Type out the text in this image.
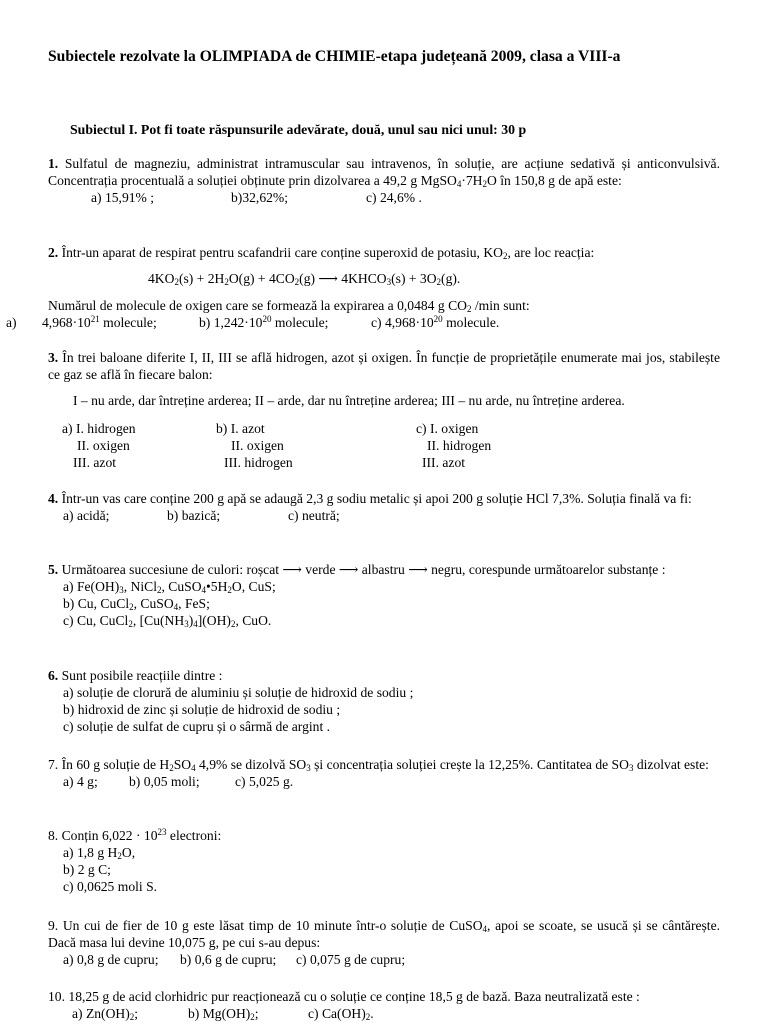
Subiectele rezolvate la OLIMPIADA de CHIMIE-etapa județeană 2009, clasa a VIII-a
Subiectul I. Pot fi toate răspunsurile adevărate, două, unul sau nici unul: 30 p
1. Sulfatul de magneziu, administrat intramuscular sau intravenos, în soluție, are acțiune sedativă și anticonvulsivă. Concentrația procentuală a soluției obținute prin dizolvarea a 49,2 g $MgSO_4\cdot 7H_2O$ în 150,8 g de apă este:
a) 15,91% ;	b)32,62%;	c) 24,6% .
2. Într-un aparat de respirat pentru scafandrii care conține superoxid de potasiu, $KO_2$, are loc reacția:
$4KO_2(s) + 2H_2O(g) + 4CO_2(g)$ ⟶ $4KHCO_3(s) + 3O_2(g)$.
Numărul de molecule de oxigen care se formează la expirarea a 0,0484 g $CO_2$ /min sunt:
a) $4,968\cdot 10^{21}$ molecule;	b) $1,242\cdot 10^{20}$ molecule;	c) $4,968\cdot 10^{20}$ molecule.
3. În trei baloane diferite I, II, III se află hidrogen, azot și oxigen. În funcție de proprietățile enumerate mai jos, stabilește ce gaz se află în fiecare balon:
I – nu arde, dar întreține arderea; II – arde, dar nu întreține arderea; III – nu arde, nu întreține arderea.
a) I. hidrogen
II. oxigen
III. azot
b) I. azot
II. oxigen
III. hidrogen
c) I. oxigen
II. hidrogen
III. azot
4. Într-un vas care conține 200 g apă se adaugă 2,3 g sodiu metalic și apoi 200 g soluție HCl 7,3%. Soluția finală va fi:
a) acidă;	b) bazică;	c) neutră;
5. Următoarea succesiune de culori: roșcat ⟶ verde ⟶ albastru ⟶ negru, corespunde următoarelor substanțe :
a) $Fe(OH)_3$, NiCl$_2$, $CuSO_4•5H_2O$, CuS;
b) Cu, CuCl$_2$, CuSO$_4$, FeS;
c) Cu, CuCl$_2$, $[Cu(NH_3)_4](OH)_2$, CuO.
6. Sunt posibile reacțiile dintre :
a) soluție de clorură de aluminiu și soluție de hidroxid de sodiu ;
b) hidroxid de zinc și soluție de hidroxid de sodiu ;
c) soluție de sulfat de cupru și o sârmă de argint .
7. În 60 g soluție de $H_2SO_4$ 4,9% se dizolvă $SO_3$ și concentrația soluției crește la 12,25%. Cantitatea de $SO_3$ dizolvat este:
a) 4 g; b) 0,05 moli;	c) 5,025 g.
8. Conțin $6,022 \cdot 10^{23}$ electroni:
a) 1,8 g $H_2O$,
b) 2 g C;
c) 0,0625 moli S.
9. Un cui de fier de 10 g este lăsat timp de 10 minute într-o soluție de CuSO$_4$, apoi se scoate, se usucă și se cântărește. Dacă masa lui devine 10,075 g, pe cui s-au depus:
a) 0,8 g de cupru; b) 0,6 g de cupru; c) 0,075 g de cupru;
10. 18,25 g de acid clorhidric pur reacționează cu o soluție ce conține 18,5 g de bază. Baza neutralizată este :
a) $Zn(OH)_2$;	b) $Mg(OH)_2$;	c) $Ca(OH)_2$.
